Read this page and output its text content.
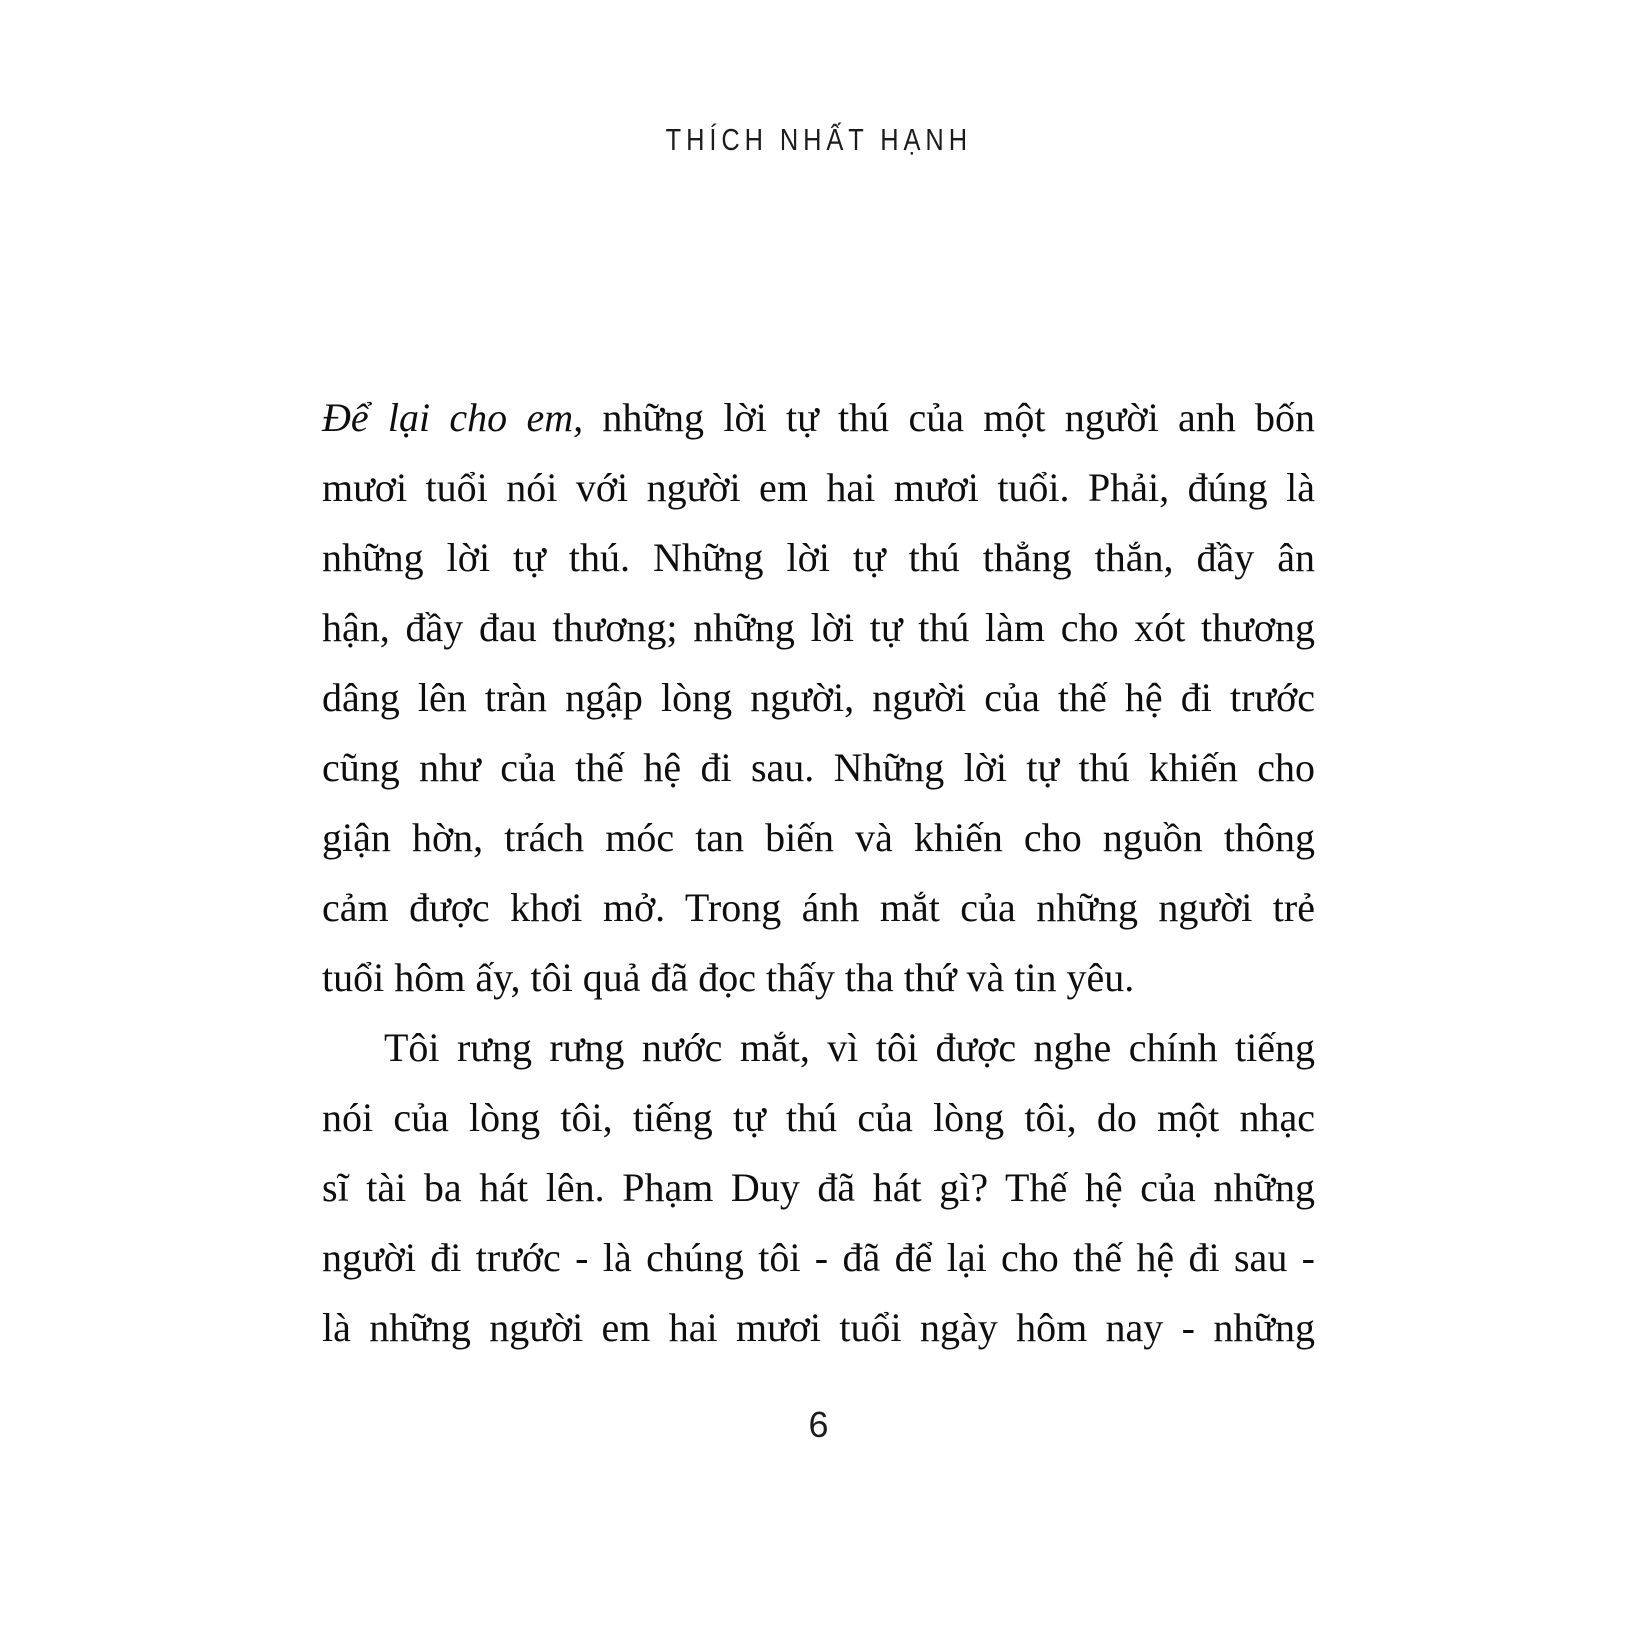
THÍCH NHẤT HẠNH
Để lại cho em, những lời tự thú của một người anh bốn
mươi tuổi nói với người em hai mươi tuổi. Phải, đúng là
những lời tự thú. Những lời tự thú thẳng thắn, đầy ân
hận, đầy đau thương; những lời tự thú làm cho xót thương
dâng lên tràn ngập lòng người, người của thế hệ đi trước
cũng như của thế hệ đi sau. Những lời tự thú khiến cho
giận hờn, trách móc tan biến và khiến cho nguồn thông
cảm được khơi mở. Trong ánh mắt của những người trẻ
tuổi hôm ấy, tôi quả đã đọc thấy tha thứ và tin yêu.
Tôi rưng rưng nước mắt, vì tôi được nghe chính tiếng
nói của lòng tôi, tiếng tự thú của lòng tôi, do một nhạc
sĩ tài ba hát lên. Phạm Duy đã hát gì? Thế hệ của những
người đi trước - là chúng tôi - đã để lại cho thế hệ đi sau -
là những người em hai mươi tuổi ngày hôm nay - những
6
